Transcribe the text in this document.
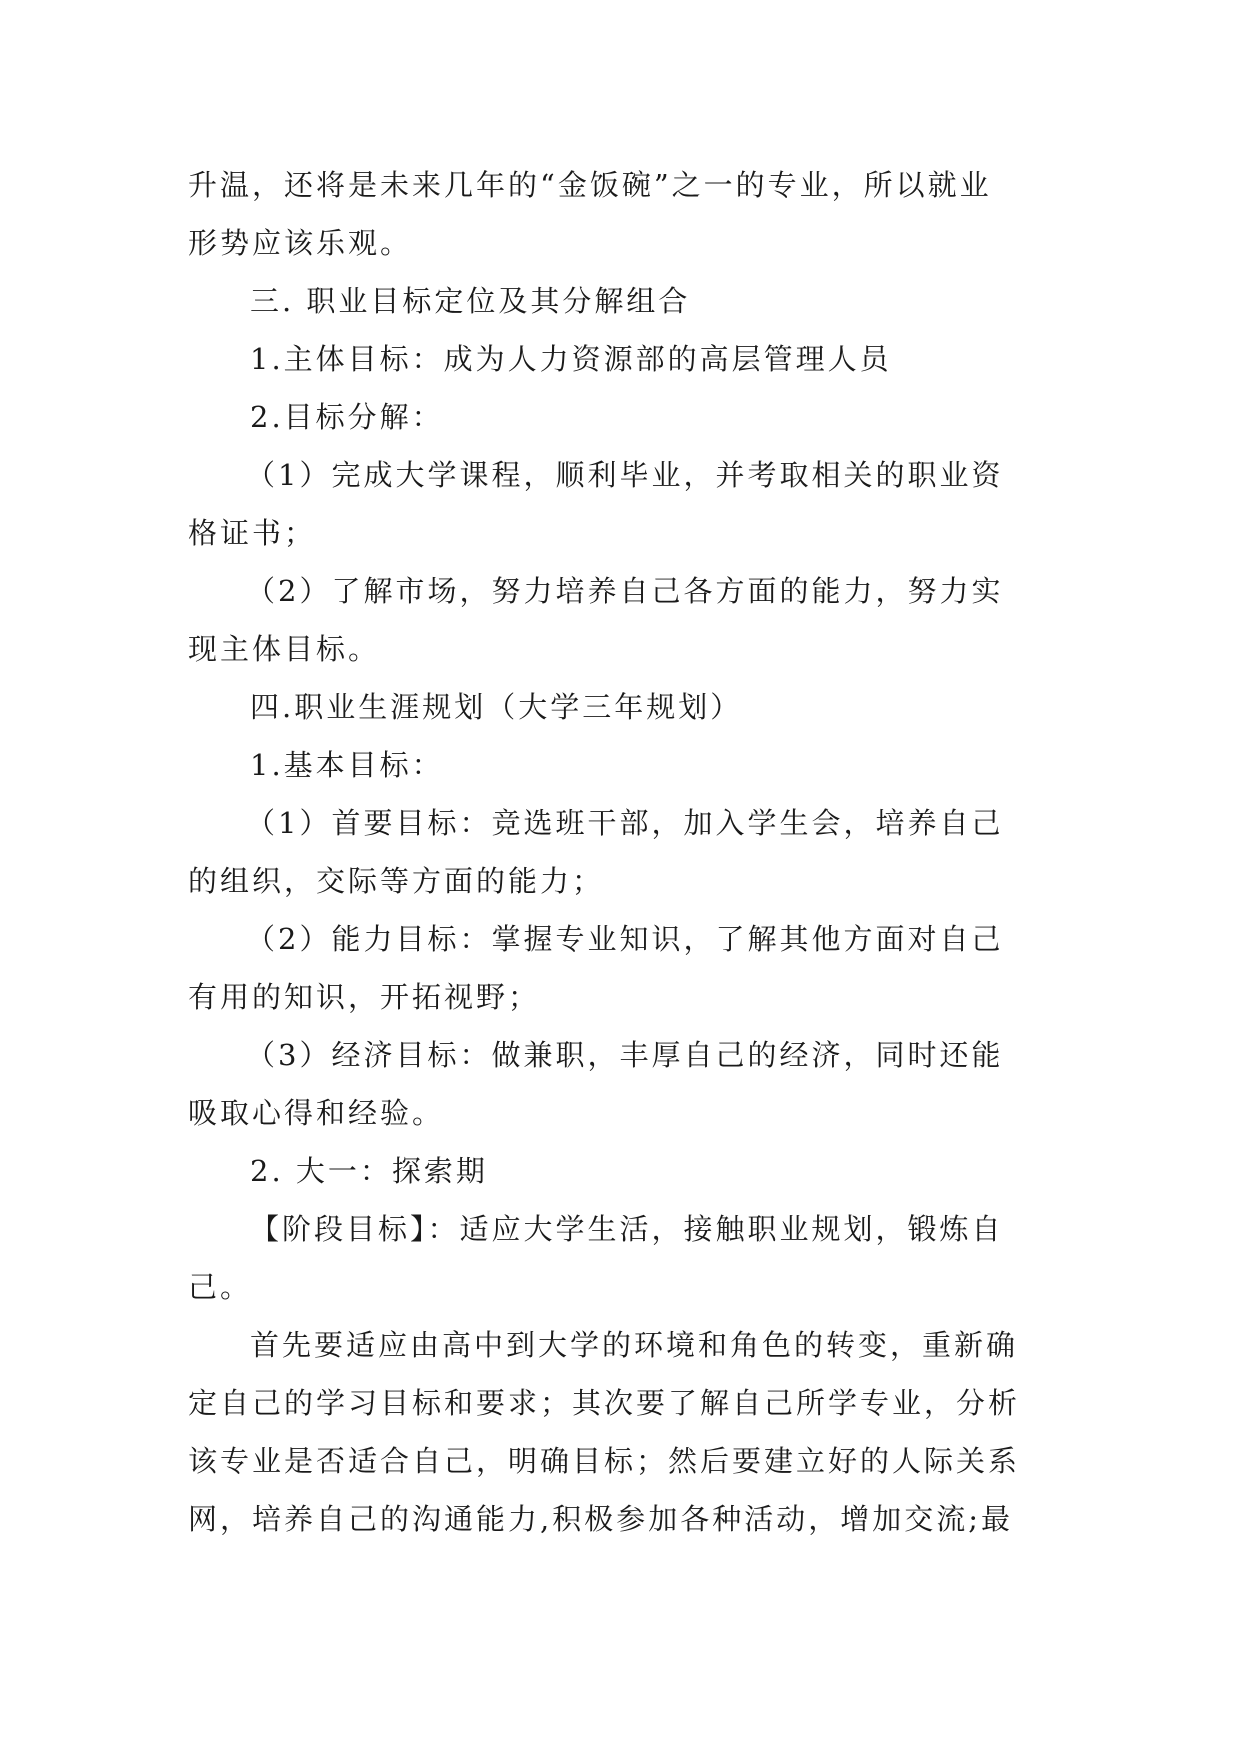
升温，还将是未来几年的“金饭碗”之一的专业，所以就业
形势应该乐观。
三. 职业目标定位及其分解组合
1.主体目标：成为人力资源部的高层管理人员
2.目标分解：
（1）完成大学课程，顺利毕业，并考取相关的职业资
格证书；
（2）了解市场，努力培养自己各方面的能力，努力实
现主体目标。
四.职业生涯规划（大学三年规划）
1.基本目标：
（1）首要目标：竞选班干部，加入学生会，培养自己
的组织，交际等方面的能力；
（2）能力目标：掌握专业知识，了解其他方面对自己
有用的知识，开拓视野；
（3）经济目标：做兼职，丰厚自己的经济，同时还能
吸取心得和经验。
2. 大一：探索期
【阶段目标】：适应大学生活，接触职业规划，锻炼自
己。
首先要适应由高中到大学的环境和角色的转变，重新确
定自己的学习目标和要求；其次要了解自己所学专业，分析
该专业是否适合自己，明确目标；然后要建立好的人际关系
网，培养自己的沟通能力,积极参加各种活动，增加交流;最
